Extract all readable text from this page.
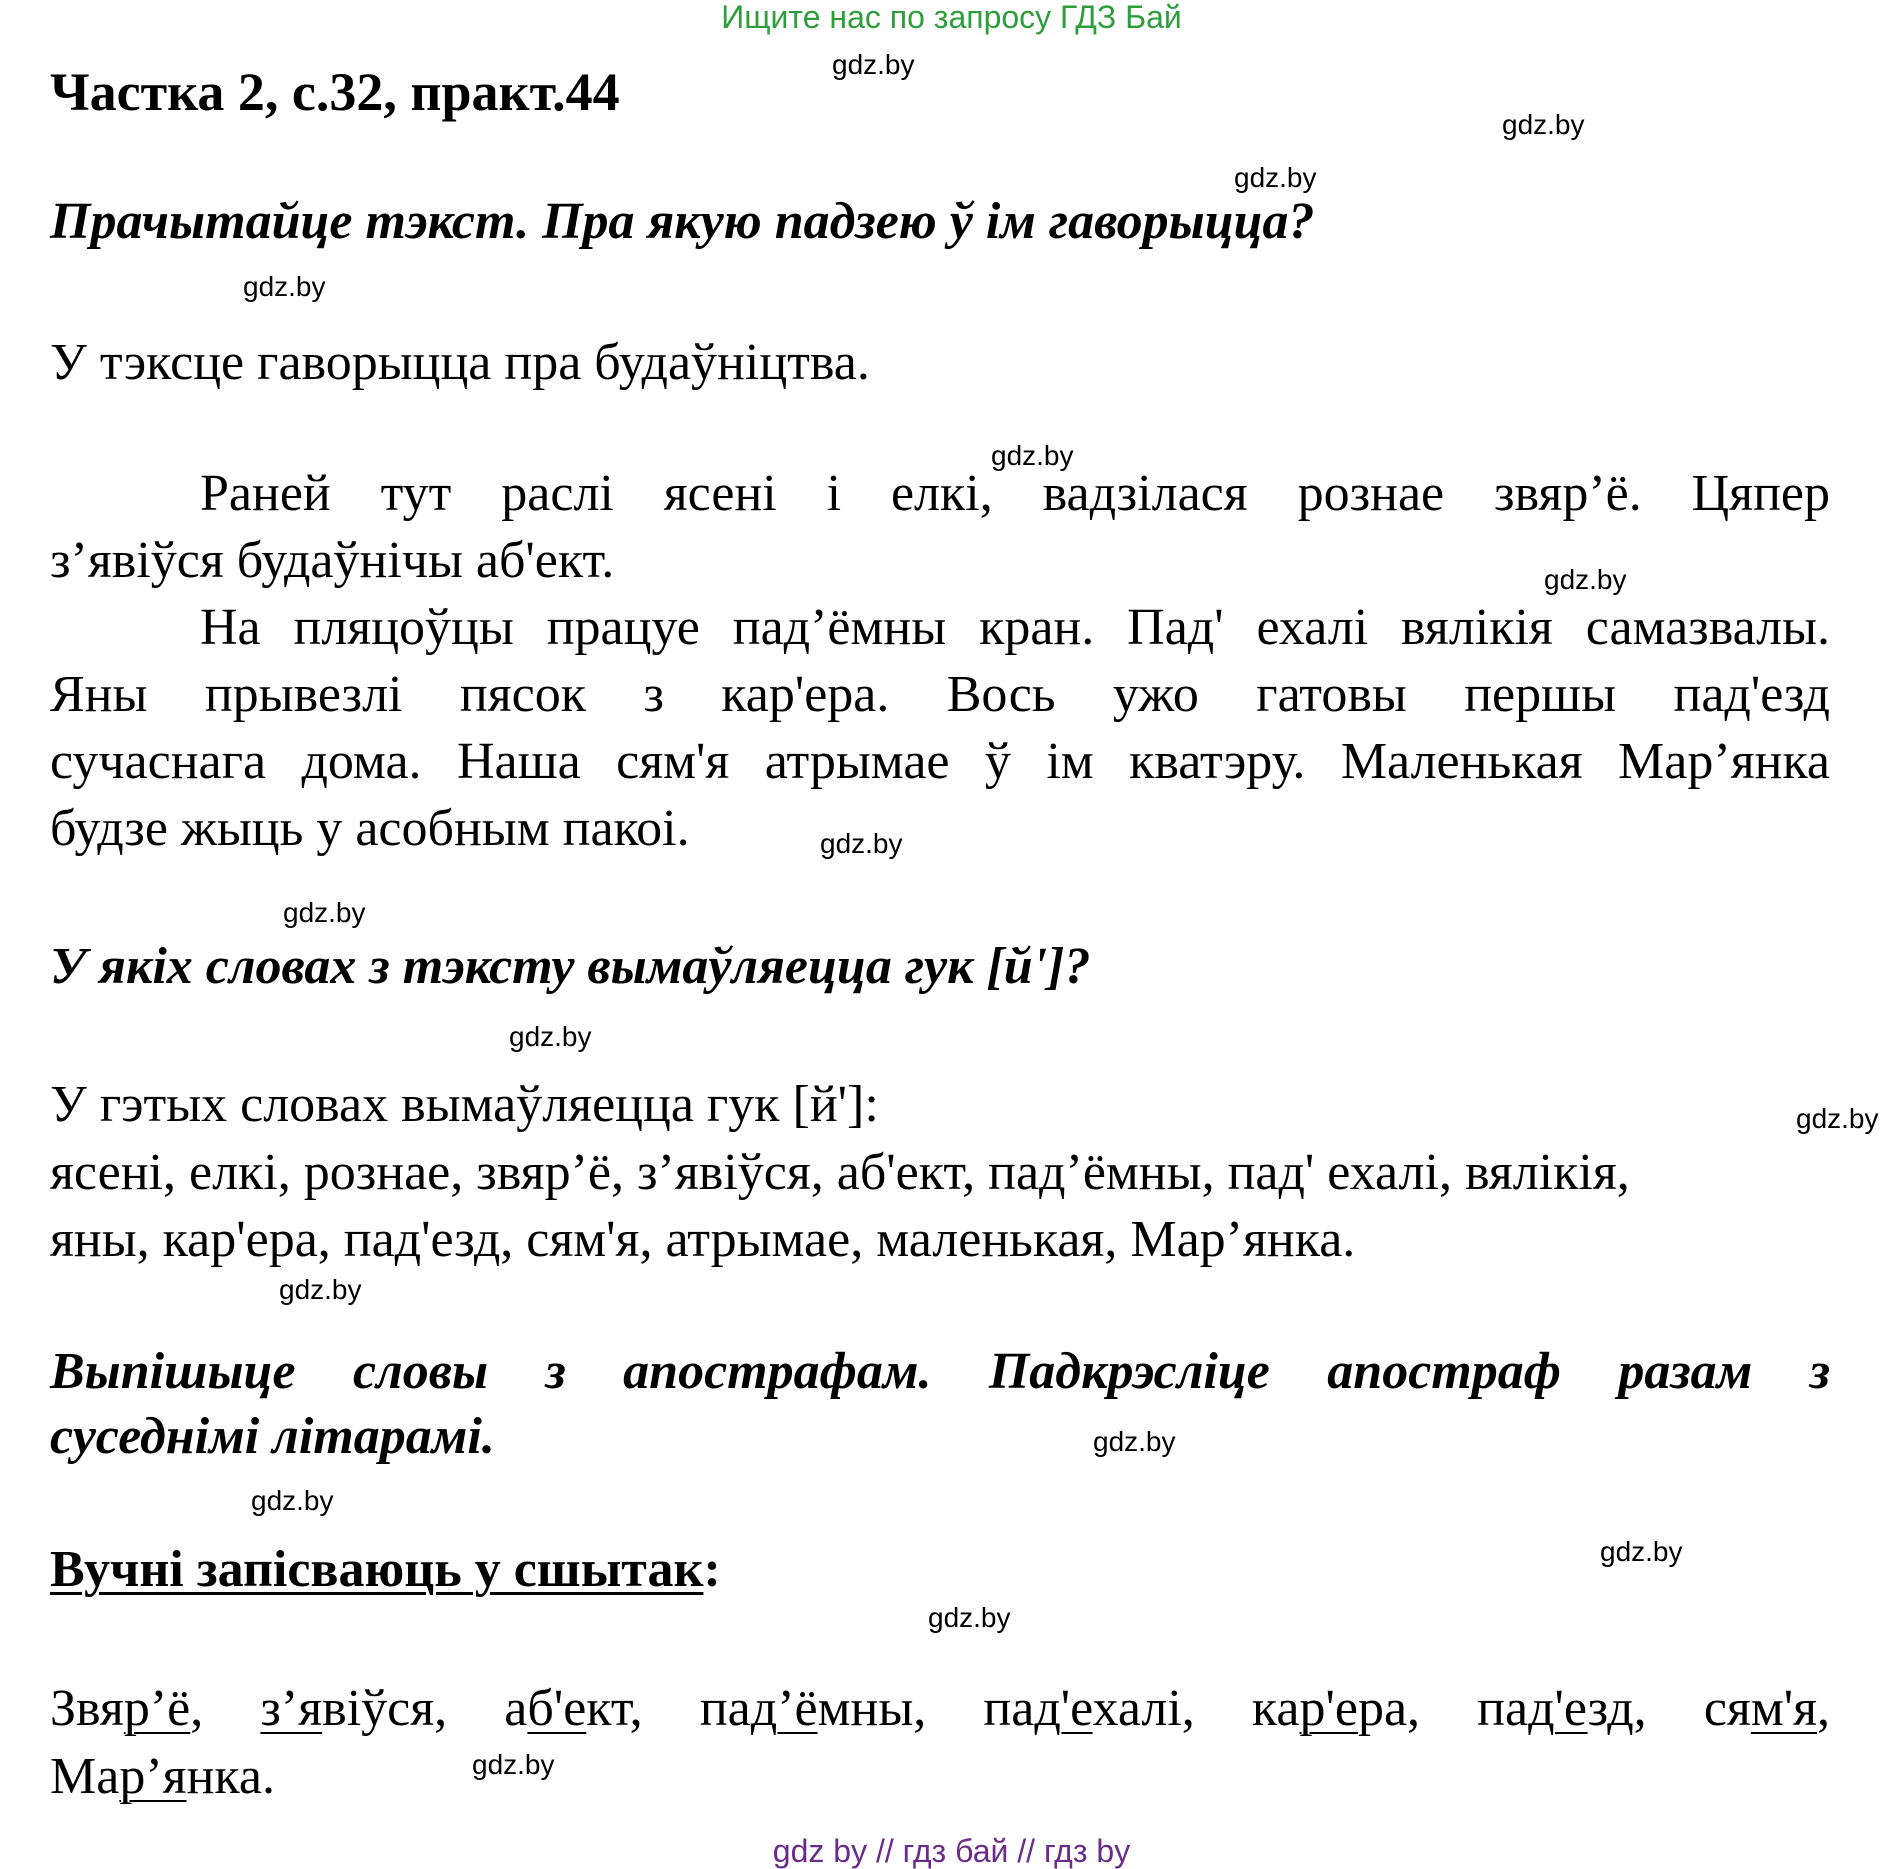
Ищите нас по запросу ГДЗ Бай
Частка 2, с.32, практ.44
Прачытайце тэкст. Пра якую падзею ў ім гаворыцца?
У тэксце гаворыцца пра будаўніцтва.
Раней тут раслі ясені і елкі, вадзілася рознае звяр’ё. Цяпер
з’явіўся будаўнічы аб'ект.
На пляцоўцы працуе пад’ёмны кран. Пад' ехалі вялікія самазвалы.
Яны прывезлі пясок з кар'ера. Вось ужо гатовы першы пад'езд
сучаснага дома. Наша сям'я атрымае ў ім кватэру. Маленькая Мар’янка
будзе жыць у асобным пакоі.
У якіх словах з тэксту вымаўляецца гук [й']?
У гэтых словах вымаўляецца гук [й']:
ясені, елкі, рознае, звяр’ё, з’явіўся, аб'ект, пад’ёмны, пад' ехалі, вялікія,
яны, кар'ера, пад'езд, сям'я, атрымае, маленькая, Мар’янка.
Выпішыце словы з апострафам. Падкрэсліце апостраф разам з
суседнімі літарамі.
Вучні запісваюць у сшытак:
Звяр’ё, з’явіўся, аб'ект, пад’ёмны, пад'ехалі, кар'ера, пад'езд, сям'я,
Мар’янка.
gdz.by
gdz.by
gdz.by
gdz.by
gdz.by
gdz.by
gdz.by
gdz.by
gdz.by
gdz.by
gdz.by
gdz.by
gdz.by
gdz.by
gdz.by
gdz.by
gdz by // гдз бай // гдз by
